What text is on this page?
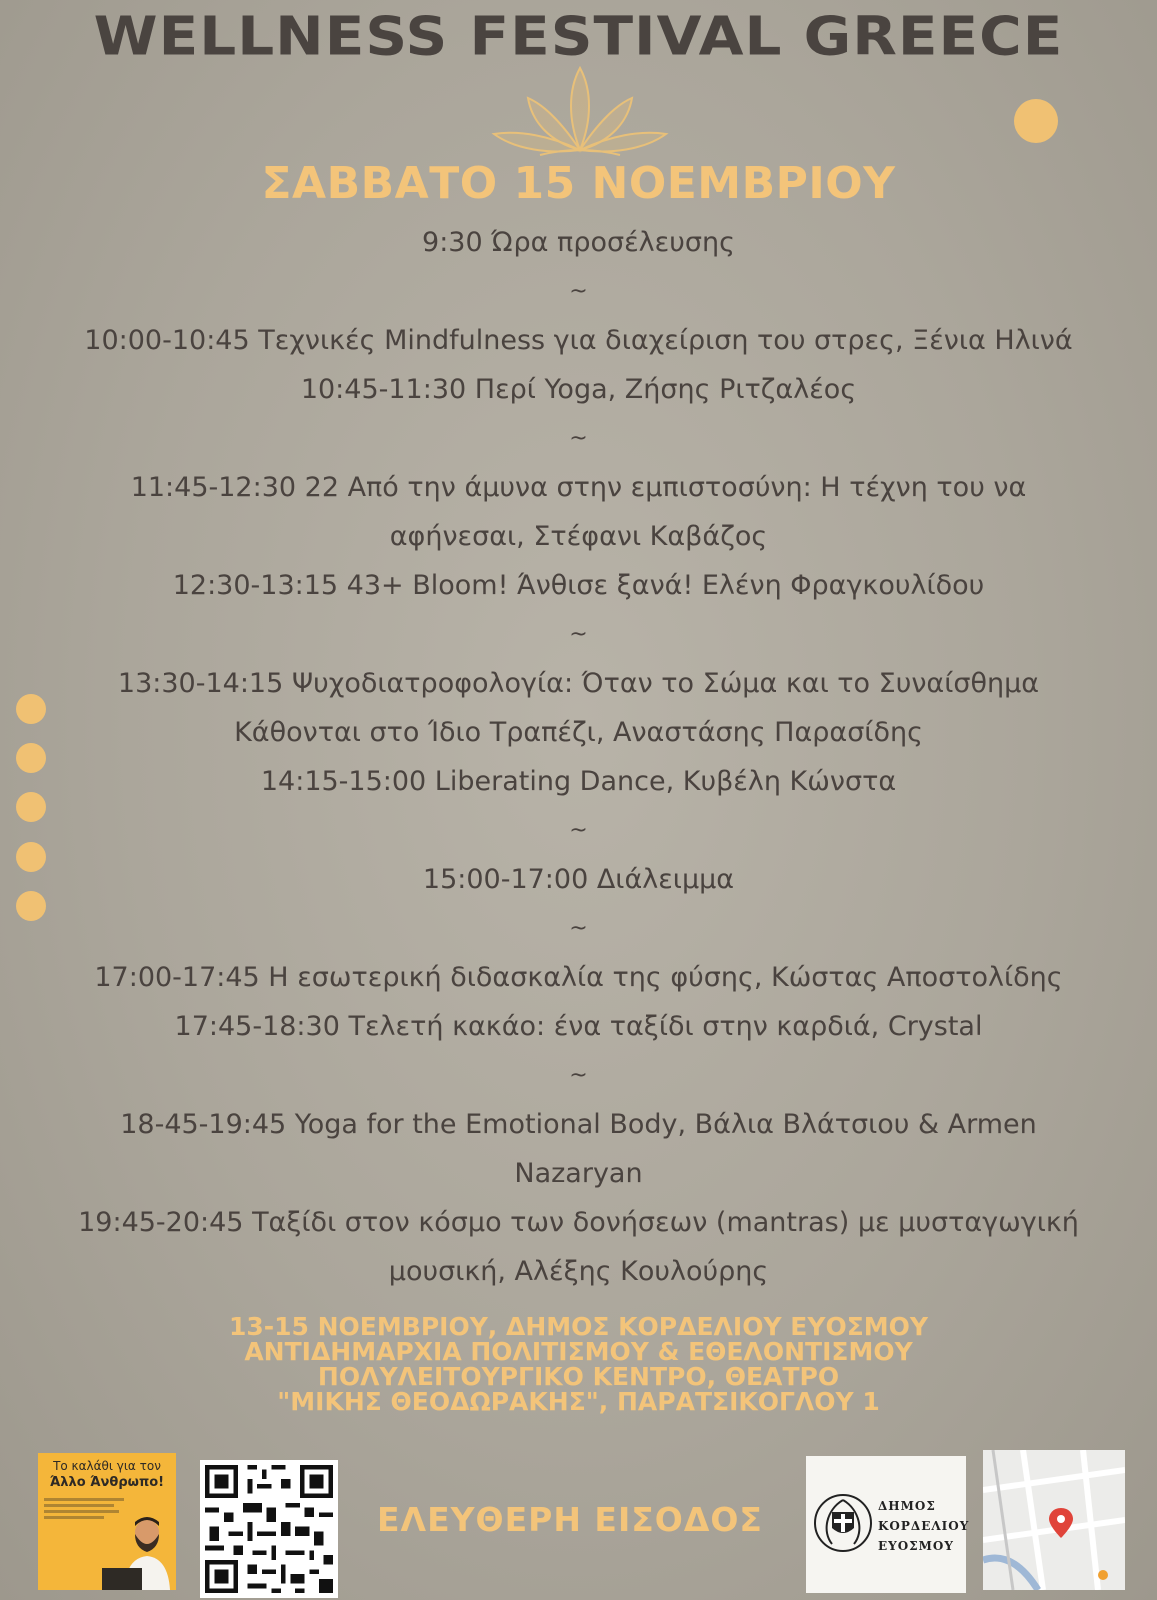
WELLNESS FESTIVAL GREECE
ΣΑΒΒΑΤΟ 15 ΝΟΕΜΒΡΙΟΥ
9:30 Ώρα προσέλευσης
~
10:00-10:45 Τεχνικές Mindfulness για διαχείριση του στρες, Ξένια Ηλινά
10:45-11:30 Περί Yoga, Ζήσης Ριτζαλέος
~
11:45-12:30 22 Από την άμυνα στην εμπιστοσύνη: Η τέχνη του να
αφήνεσαι, Στέφανι Καβάζος
12:30-13:15 43+ Bloom! Άνθισε ξανά! Ελένη Φραγκουλίδου
~
13:30-14:15 Ψυχοδιατροφολογία: Όταν το Σώμα και το Συναίσθημα
Κάθονται στο Ίδιο Τραπέζι, Αναστάσης Παρασίδης
14:15-15:00 Liberating Dance, Κυβέλη Κώνστα
~
15:00-17:00 Διάλειμμα
~
17:00-17:45 Η εσωτερική διδασκαλία της φύσης, Κώστας Αποστολίδης
17:45-18:30 Τελετή κακάο: ένα ταξίδι στην καρδιά, Crystal
~
18-45-19:45 Yoga for the Emotional Body, Βάλια Βλάτσιου & Armen
Nazaryan
19:45-20:45 Ταξίδι στον κόσμο των δονήσεων (mantras) με μυσταγωγική
μουσική, Αλέξης Κουλούρης
13-15 ΝΟΕΜΒΡΙΟΥ, ΔΗΜΟΣ ΚΟΡΔΕΛΙΟΥ ΕΥΟΣΜΟΥ
ΑΝΤΙΔΗΜΑΡΧΙΑ ΠΟΛΙΤΙΣΜΟΥ & ΕΘΕΛΟΝΤΙΣΜΟΥ
ΠΟΛΥΛΕΙΤΟΥΡΓΙΚΟ ΚΕΝΤΡΟ, ΘΕΑΤΡΟ
"ΜΙΚΗΣ ΘΕΟΔΩΡΑΚΗΣ", ΠΑΡΑΤΣΙΚΟΓΛΟΥ 1
Το καλάθι για τον
Άλλο Άνθρωπο!
ΕΛΕΥΘΕΡΗ ΕΙΣΟΔΟΣ	ΔΗΜΟΣ
ΚΟΡΔΕΛΙΟΥ
ΕΥΟΣΜΟΥ
